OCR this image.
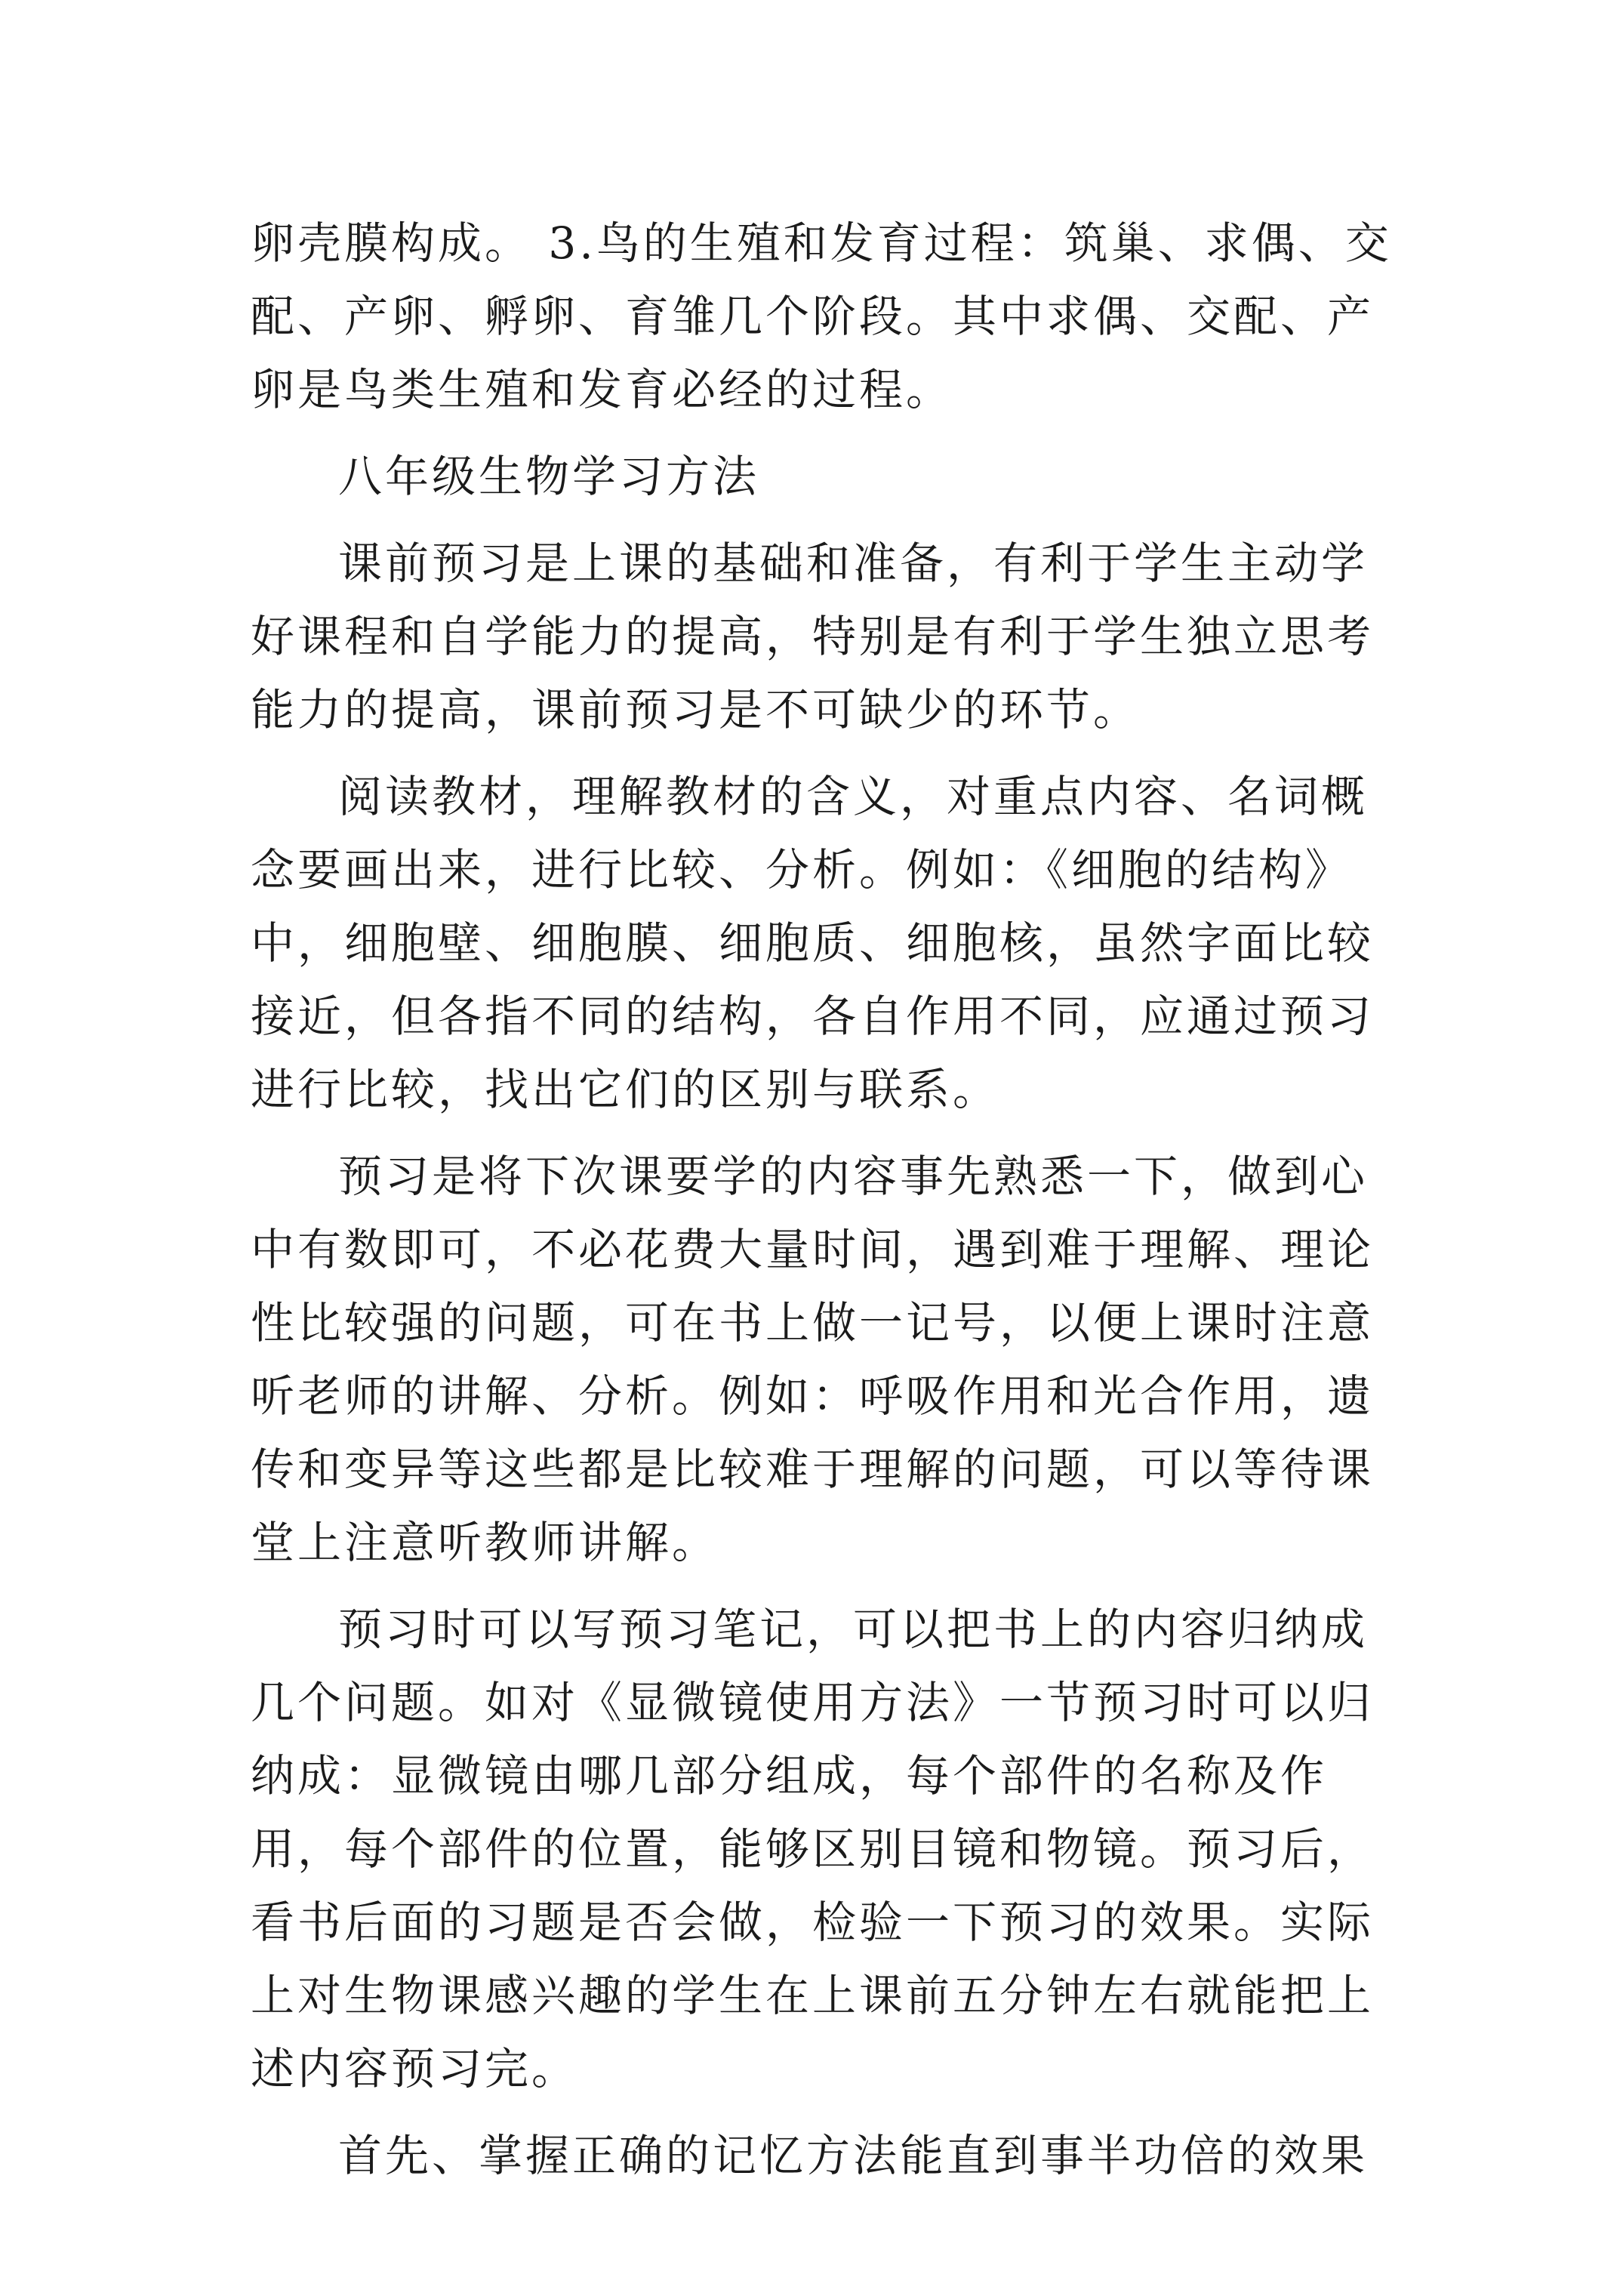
卵壳膜构成。 3.鸟的生殖和发育过程：筑巢、求偶、交配、产卵、孵卵、育雏几个阶段。其中求偶、交配、产卵是鸟类生殖和发育必经的过程。

八年级生物学习方法

课前预习是上课的基础和准备，有利于学生主动学好课程和自学能力的提高，特别是有利于学生独立思考能力的提高，课前预习是不可缺少的环节。

阅读教材，理解教材的含义，对重点内容、名词概念要画出来，进行比较、分析。例如：《细胞的结构》中，细胞壁、细胞膜、细胞质、细胞核，虽然字面比较接近，但各指不同的结构，各自作用不同，应通过预习进行比较，找出它们的区别与联系。

预习是将下次课要学的内容事先熟悉一下，做到心中有数即可，不必花费大量时间，遇到难于理解、理论性比较强的问题，可在书上做一记号，以便上课时注意听老师的讲解、分析。例如：呼吸作用和光合作用，遗传和变异等这些都是比较难于理解的问题，可以等待课堂上注意听教师讲解。

预习时可以写预习笔记，可以把书上的内容归纳成几个问题。如对《显微镜使用方法》一节预习时可以归纳成：显微镜由哪几部分组成，每个部件的名称及作用，每个部件的位置，能够区别目镜和物镜。预习后，看书后面的习题是否会做，检验一下预习的效果。实际上对生物课感兴趣的学生在上课前五分钟左右就能把上述内容预习完。

首先、掌握正确的记忆方法能直到事半功倍的效果
